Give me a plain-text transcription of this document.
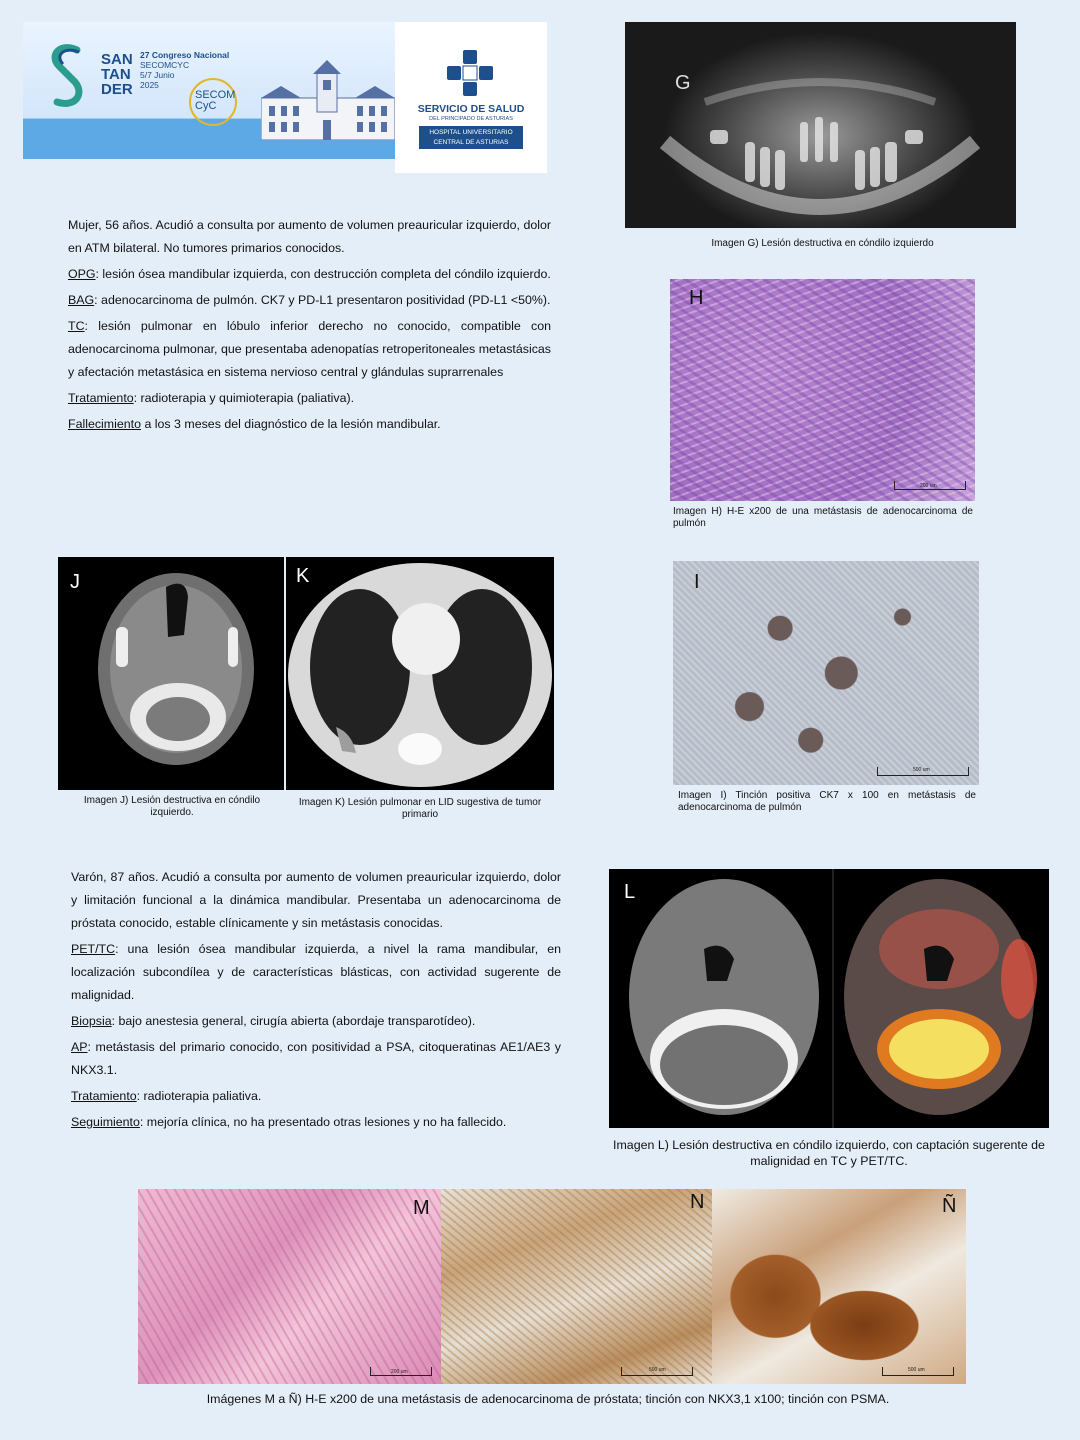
SAN
TAN
DER
27 Congreso Nacional
SECOMCYC
5/7 Junio
2025
SECOM CyC	SERVICIO DE SALUD
DEL PRINCIPADO DE ASTURIAS
HOSPITAL UNIVERSITARIO
CENTRAL DE ASTURIAS

Mujer, 56 años. Acudió a consulta por aumento de volumen preauricular izquierdo, dolor en ATM bilateral. No tumores primarios conocidos.

OPG: lesión ósea mandibular izquierda, con destrucción completa del cóndilo izquierdo.

BAG: adenocarcinoma de pulmón. CK7 y PD-L1 presentaron positividad (PD-L1 <50%).

TC: lesión pulmonar en lóbulo inferior derecho no conocido, compatible con adenocarcinoma pulmonar, que presentaba adenopatías retroperitoneales metastásicas y afectación metastásica en sistema nervioso central y glándulas suprarrenales

Tratamiento: radioterapia y quimioterapia (paliativa).

Fallecimiento a los 3 meses del diagnóstico de la lesión mandibular.

G
Imagen G) Lesión destructiva en cóndilo izquierdo
H
200 um
Imagen H) H-E x200 de una metástasis de adenocarcinoma de pulmón
J
Imagen J) Lesión destructiva en cóndilo izquierdo.
K
Imagen K) Lesión pulmonar en LID sugestiva de tumor primario
I
500 um
Imagen I) Tinción positiva CK7 x 100 en metástasis de adenocarcinoma de pulmón

Varón, 87 años. Acudió a consulta por aumento de volumen preauricular izquierdo, dolor y limitación funcional a la dinámica mandibular. Presentaba un adenocarcinoma de próstata conocido, estable clínicamente y sin metástasis conocidas.

PET/TC: una lesión ósea mandibular izquierda, a nivel la rama mandibular, en localización subcondílea y de características blásticas, con actividad sugerente de malignidad.

Biopsia: bajo anestesia general, cirugía abierta (abordaje transparotídeo).

AP: metástasis del primario conocido, con positividad a PSA, citoqueratinas AE1/AE3 y NKX3.1.

Tratamiento: radioterapia paliativa.

Seguimiento: mejoría clínica, no ha presentado otras lesiones y no ha fallecido.

L
Imagen L) Lesión destructiva en cóndilo izquierdo, con captación sugerente de malignidad en TC y PET/TC.
M
200 um
N
500 um
Ñ
500 um
Imágenes M a Ñ) H-E x200 de una metástasis de adenocarcinoma de próstata; tinción con NKX3,1 x100; tinción con PSMA.
